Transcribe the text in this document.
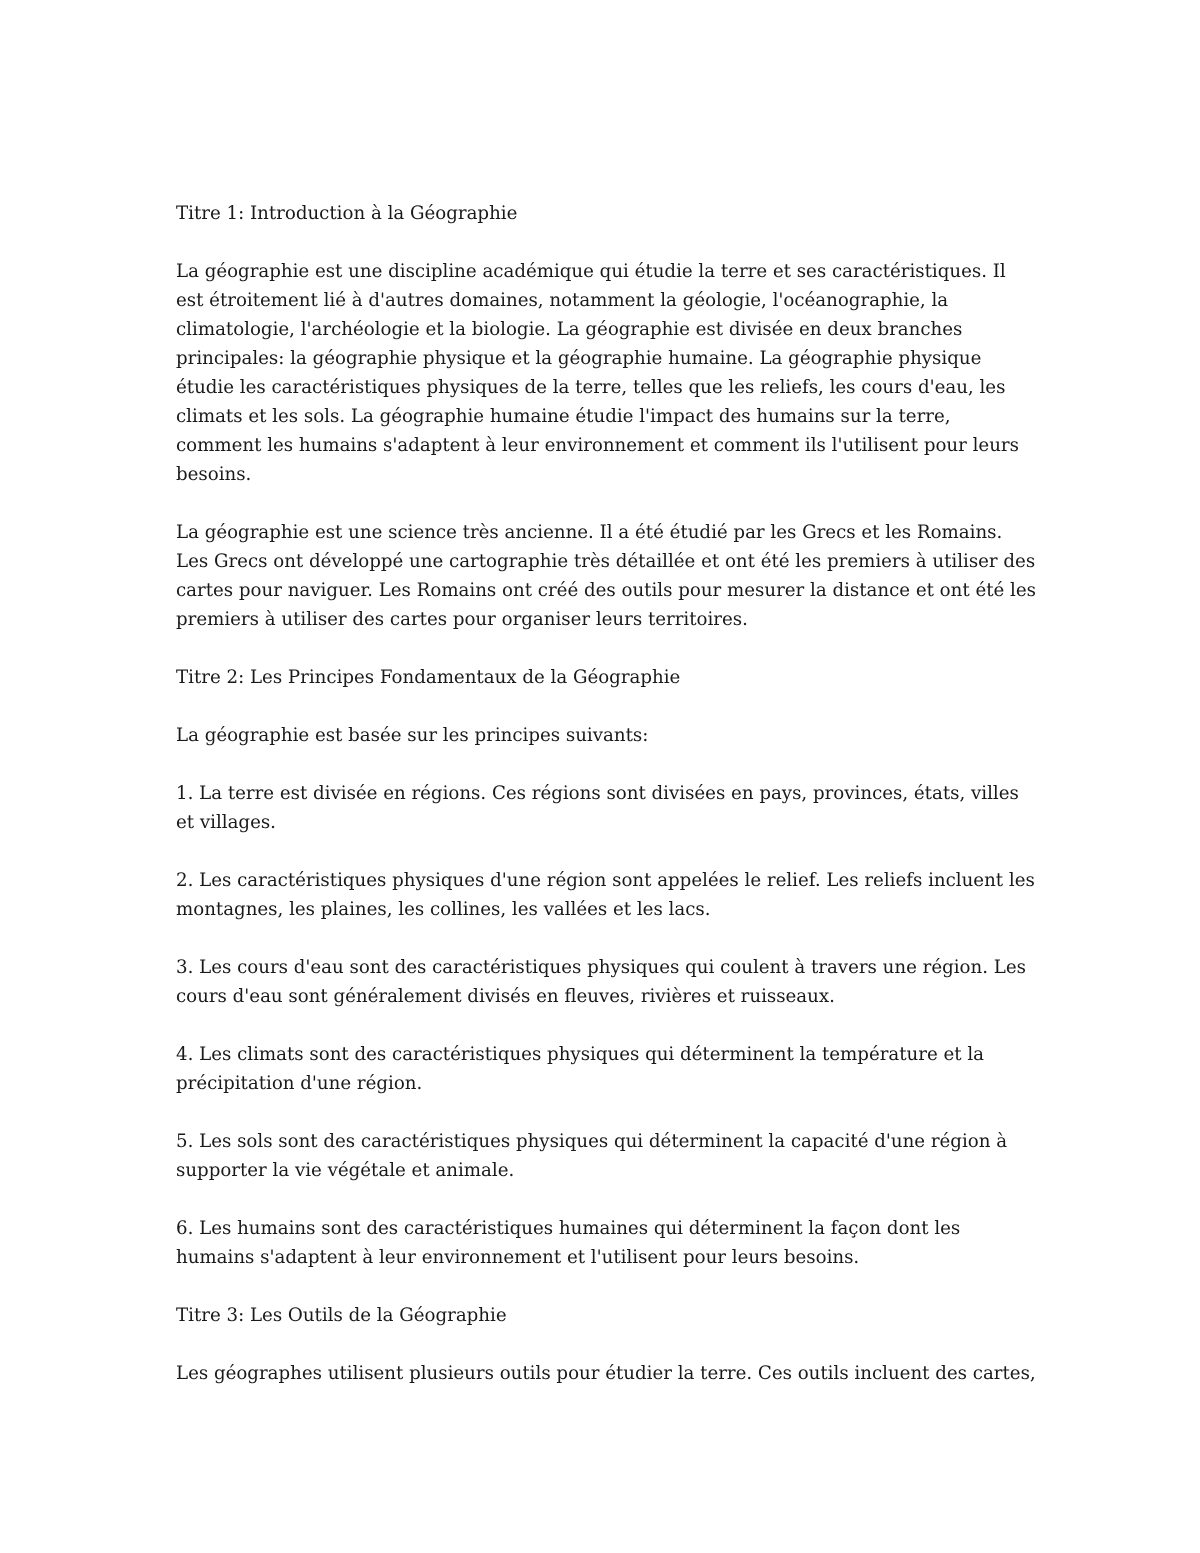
Titre 1: Introduction à la Géographie

La géographie est une discipline académique qui étudie la terre et ses caractéristiques. Il est étroitement lié à d'autres domaines, notamment la géologie, l'océanographie, la climatologie, l'archéologie et la biologie. La géographie est divisée en deux branches principales: la géographie physique et la géographie humaine. La géographie physique étudie les caractéristiques physiques de la terre, telles que les reliefs, les cours d'eau, les climats et les sols. La géographie humaine étudie l'impact des humains sur la terre, comment les humains s'adaptent à leur environnement et comment ils l'utilisent pour leurs besoins.

La géographie est une science très ancienne. Il a été étudié par les Grecs et les Romains. Les Grecs ont développé une cartographie très détaillée et ont été les premiers à utiliser des cartes pour naviguer. Les Romains ont créé des outils pour mesurer la distance et ont été les premiers à utiliser des cartes pour organiser leurs territoires.

Titre 2: Les Principes Fondamentaux de la Géographie

La géographie est basée sur les principes suivants:

1. La terre est divisée en régions. Ces régions sont divisées en pays, provinces, états, villes et villages.

2. Les caractéristiques physiques d'une région sont appelées le relief. Les reliefs incluent les montagnes, les plaines, les collines, les vallées et les lacs.

3. Les cours d'eau sont des caractéristiques physiques qui coulent à travers une région. Les cours d'eau sont généralement divisés en fleuves, rivières et ruisseaux.

4. Les climats sont des caractéristiques physiques qui déterminent la température et la précipitation d'une région.

5. Les sols sont des caractéristiques physiques qui déterminent la capacité d'une région à supporter la vie végétale et animale.

6. Les humains sont des caractéristiques humaines qui déterminent la façon dont les humains s'adaptent à leur environnement et l'utilisent pour leurs besoins.

Titre 3: Les Outils de la Géographie

Les géographes utilisent plusieurs outils pour étudier la terre. Ces outils incluent des cartes,
